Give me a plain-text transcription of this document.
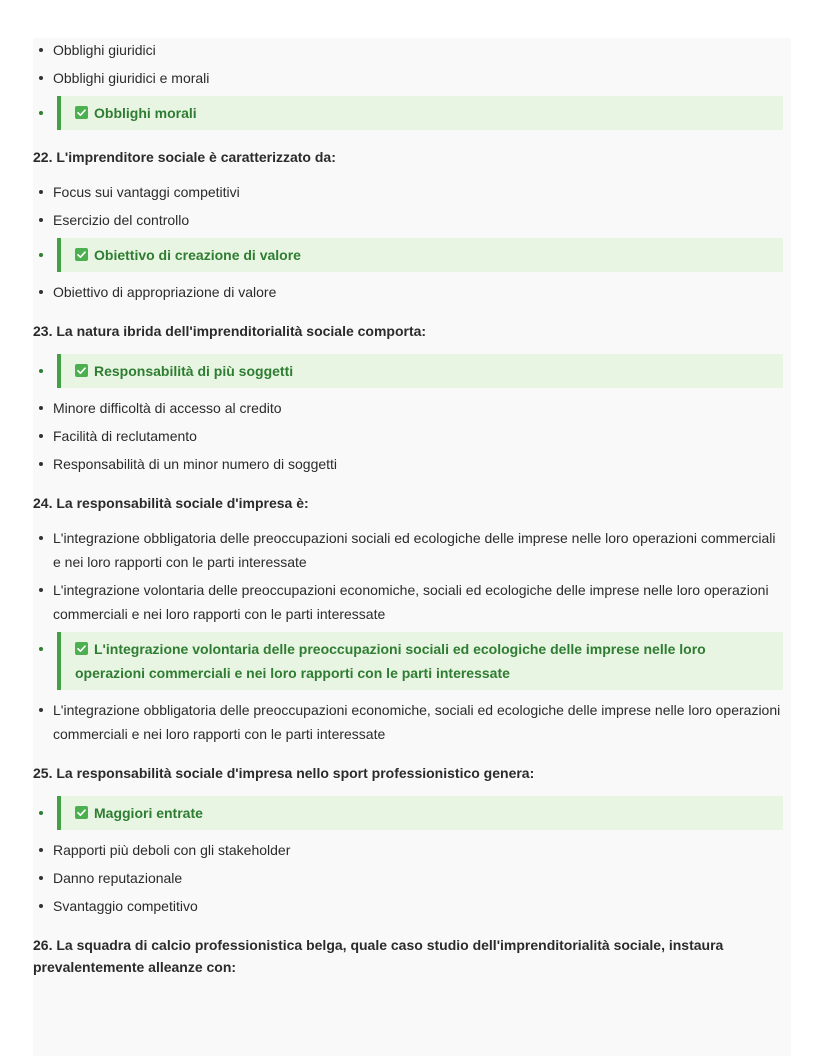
Obblighi giuridici
Obblighi giuridici e morali
Obblighi morali
22. L'imprenditore sociale è caratterizzato da:
Focus sui vantaggi competitivi
Esercizio del controllo
Obiettivo di creazione di valore
Obiettivo di appropriazione di valore
23. La natura ibrida dell'imprenditorialità sociale comporta:
Responsabilità di più soggetti
Minore difficoltà di accesso al credito
Facilità di reclutamento
Responsabilità di un minor numero di soggetti
24. La responsabilità sociale d'impresa è:
L'integrazione obbligatoria delle preoccupazioni sociali ed ecologiche delle imprese nelle loro operazioni commerciali e nei loro rapporti con le parti interessate
L'integrazione volontaria delle preoccupazioni economiche, sociali ed ecologiche delle imprese nelle loro operazioni commerciali e nei loro rapporti con le parti interessate
L'integrazione volontaria delle preoccupazioni sociali ed ecologiche delle imprese nelle loro operazioni commerciali e nei loro rapporti con le parti interessate
L'integrazione obbligatoria delle preoccupazioni economiche, sociali ed ecologiche delle imprese nelle loro operazioni commerciali e nei loro rapporti con le parti interessate
25. La responsabilità sociale d'impresa nello sport professionistico genera:
Maggiori entrate
Rapporti più deboli con gli stakeholder
Danno reputazionale
Svantaggio competitivo
26. La squadra di calcio professionistica belga, quale caso studio dell'imprenditorialità sociale, instaura prevalentemente alleanze con:
